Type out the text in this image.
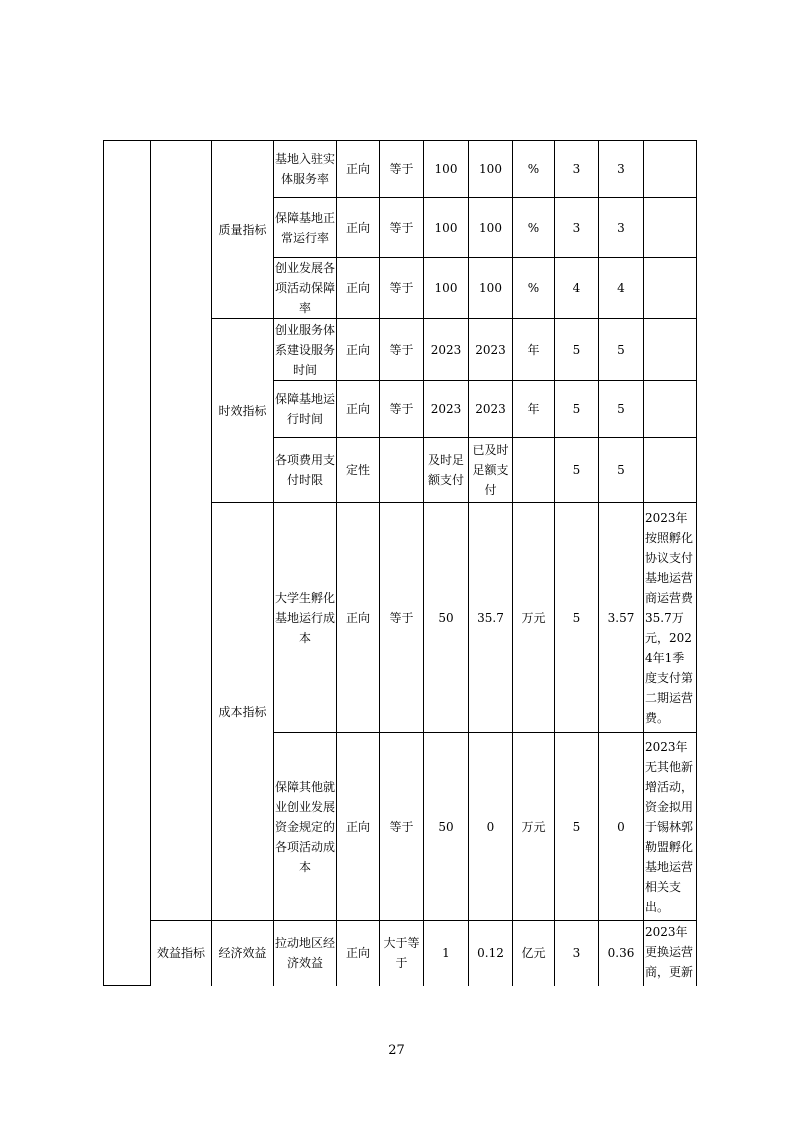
		质量指标	基地入驻实体服务率	正向	等于	100	100	%	3	3	
			保障基地正常运行率	正向	等于	100	100	%	3	3	
			创业发展各项活动保障率	正向	等于	100	100	%	4	4	
		时效指标	创业服务体系建设服务时间	正向	等于	2023	2023	年	5	5	
			保障基地运行时间	正向	等于	2023	2023	年	5	5	
			各项费用支付时限	定性		及时足额支付	已及时足额支付		5	5	
		成本指标	大学生孵化基地运行成本	正向	等于	50	35.7	万元	5	3.57	2023年按照孵化协议支付基地运营商运营费35.7万元，2024年1季度支付第二期运营费。
			保障其他就业创业发展资金规定的各项活动成本	正向	等于	50	0	万元	5	0	2023年无其他新增活动，资金拟用于锡林郭勒盟孵化基地运营相关支出。
	效益指标	经济效益	拉动地区经济效益	正向	大于等于	1	0.12	亿元	3	0.36	2023年更换运营商，更新
27
